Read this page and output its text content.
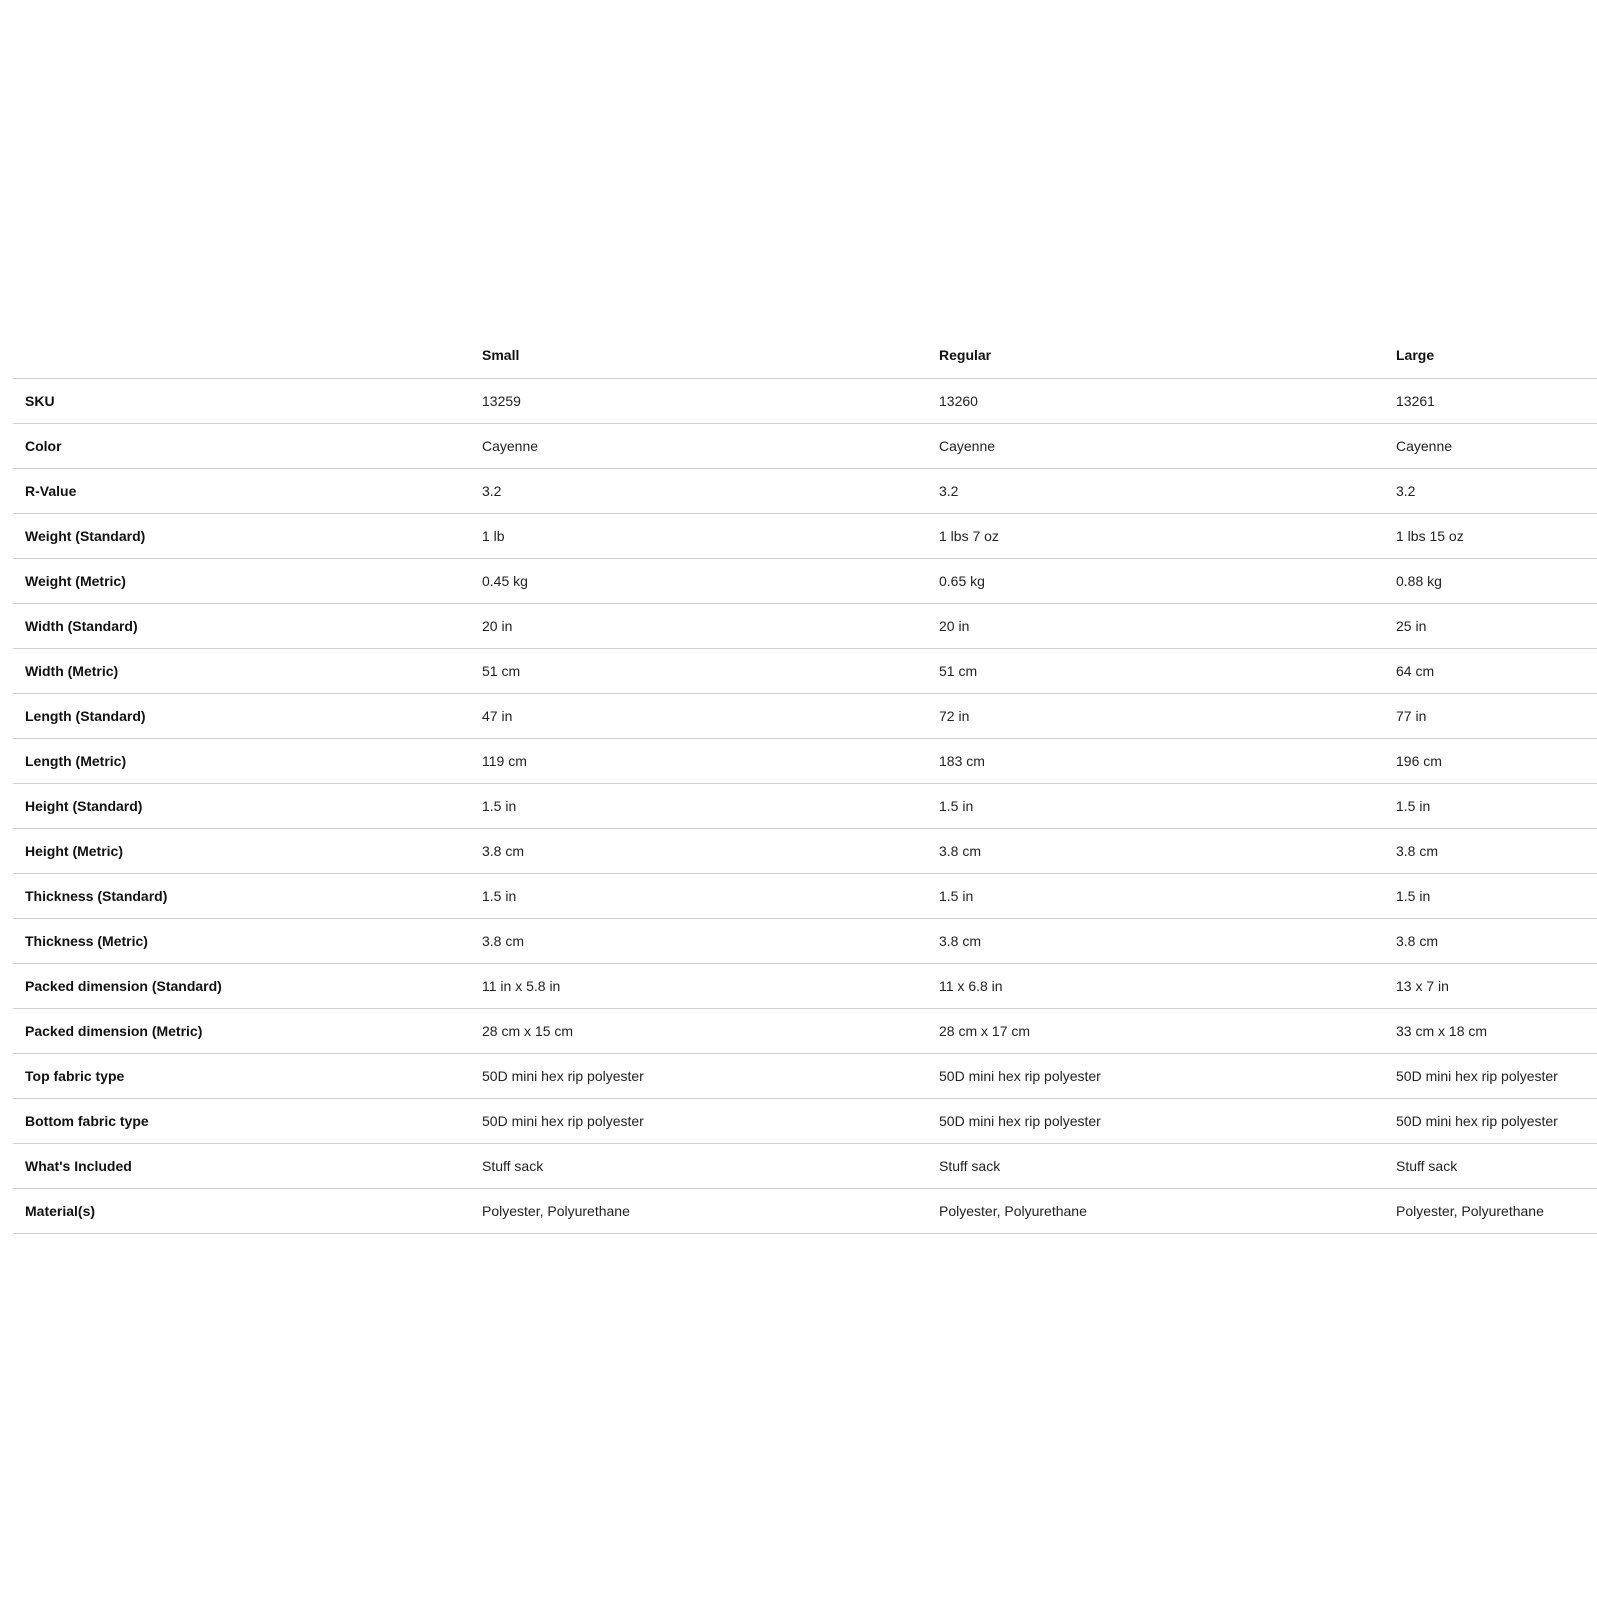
	Small	Regular	Large
SKU	13259	13260	13261
Color	Cayenne	Cayenne	Cayenne
R-Value	3.2	3.2	3.2
Weight (Standard)	1 lb	1 lbs 7 oz	1 lbs 15 oz
Weight (Metric)	0.45 kg	0.65 kg	0.88 kg
Width (Standard)	20 in	20 in	25 in
Width (Metric)	51 cm	51 cm	64 cm
Length (Standard)	47 in	72 in	77 in
Length (Metric)	119 cm	183 cm	196 cm
Height (Standard)	1.5 in	1.5 in	1.5 in
Height (Metric)	3.8 cm	3.8 cm	3.8 cm
Thickness (Standard)	1.5 in	1.5 in	1.5 in
Thickness (Metric)	3.8 cm	3.8 cm	3.8 cm
Packed dimension (Standard)	11 in x 5.8 in	11 x 6.8 in	13 x 7 in
Packed dimension (Metric)	28 cm x 15 cm	28 cm x 17 cm	33 cm x 18 cm
Top fabric type	50D mini hex rip polyester	50D mini hex rip polyester	50D mini hex rip polyester
Bottom fabric type	50D mini hex rip polyester	50D mini hex rip polyester	50D mini hex rip polyester
What's Included	Stuff sack	Stuff sack	Stuff sack
Material(s)	Polyester, Polyurethane	Polyester, Polyurethane	Polyester, Polyurethane
